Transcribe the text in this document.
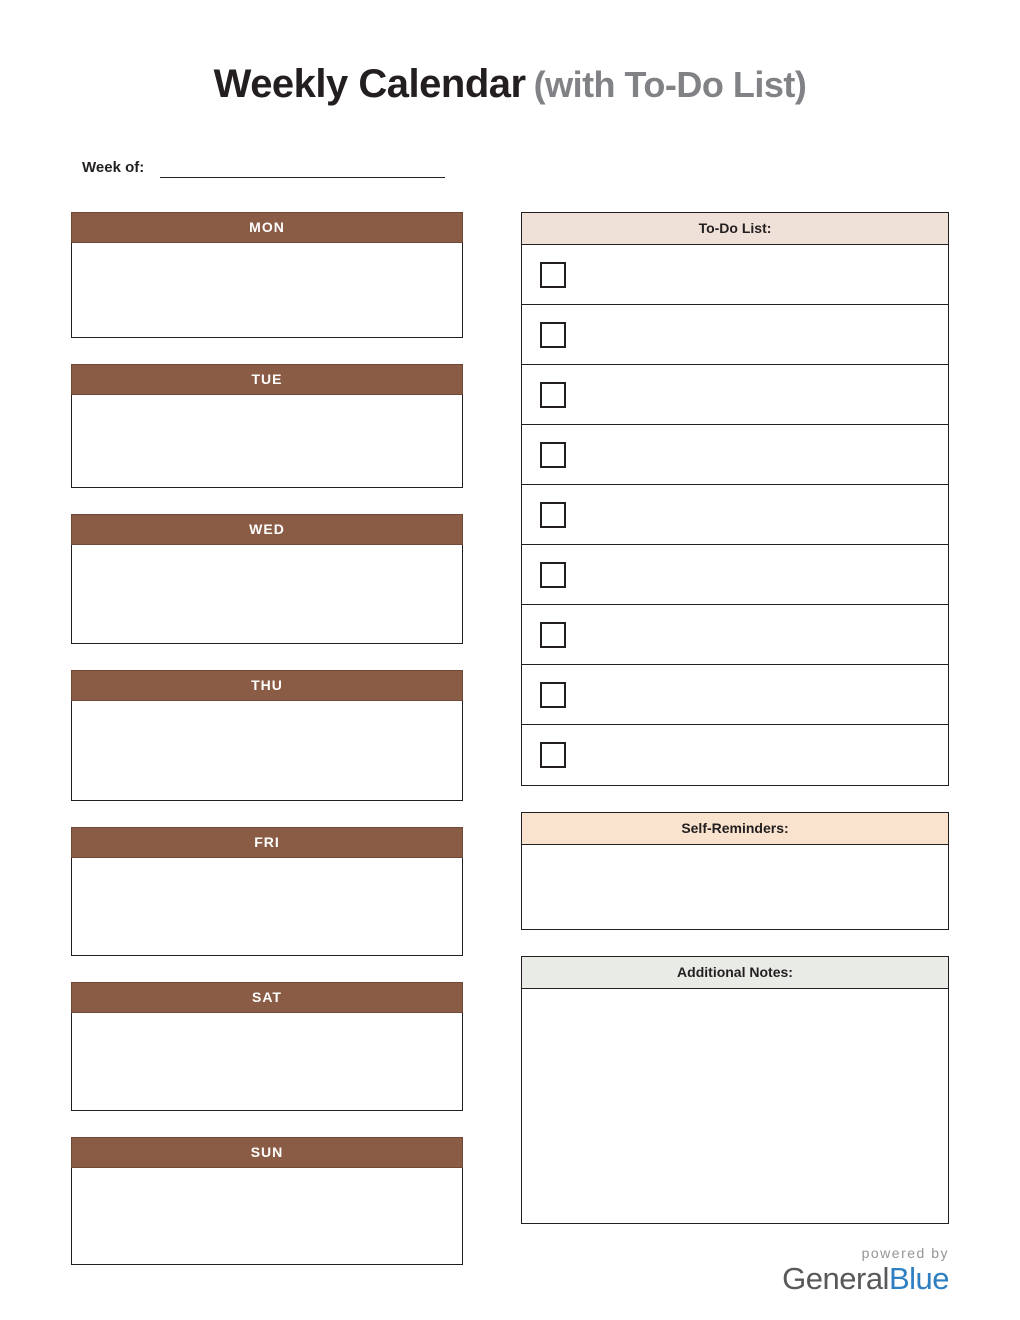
Weekly Calendar (with To-Do List)
Week of:
MON
TUE
WED
THU
FRI
SAT
SUN
To-Do List:
Self-Reminders:
Additional Notes:
powered by
GeneralBlue
